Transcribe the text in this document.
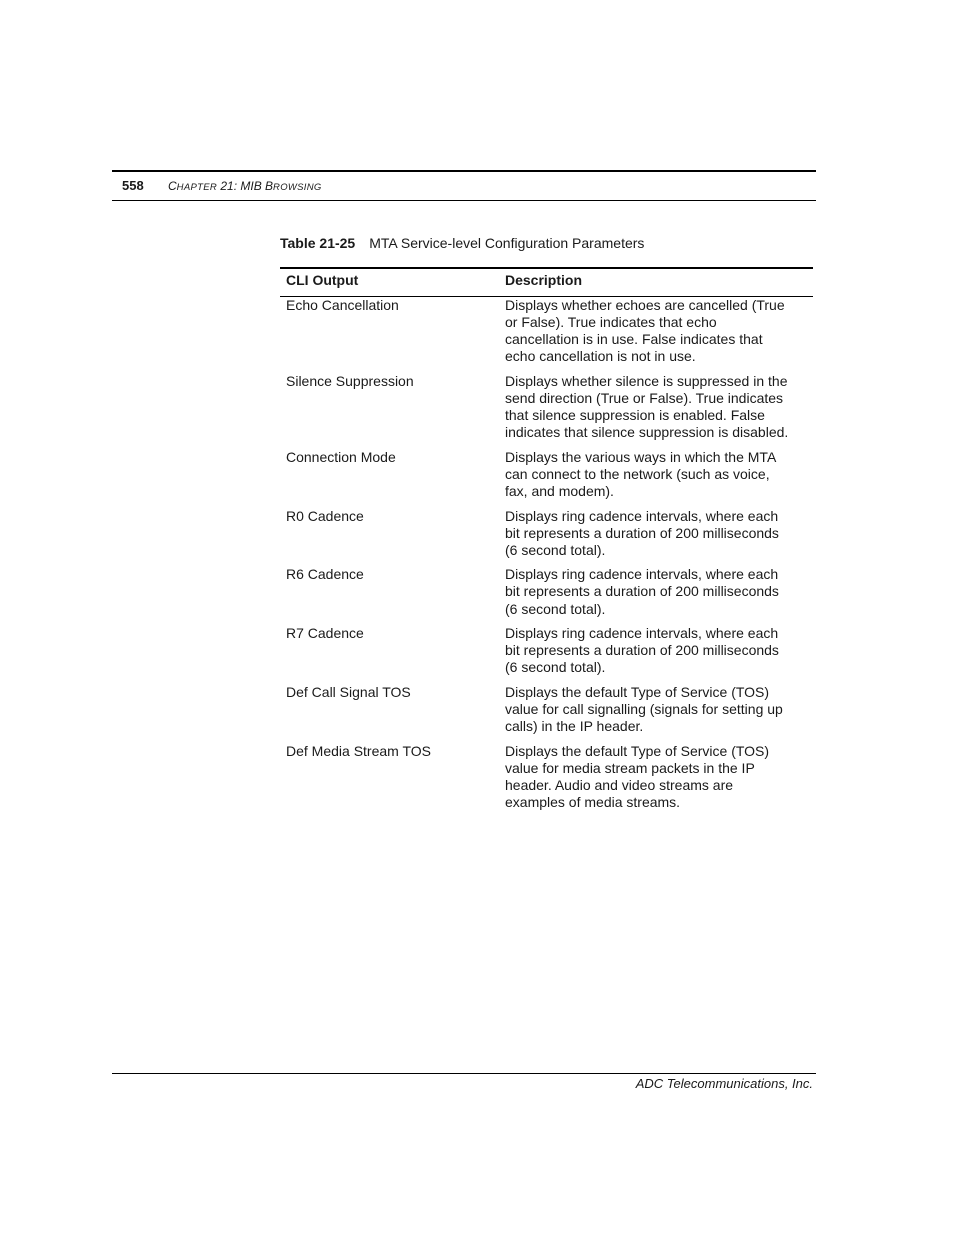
558 CHAPTER 21: MIB BROWSING
Table 21-25 MTA Service-level Configuration Parameters
CLI Output	Description
Echo Cancellation	Displays whether echoes are cancelled (True
or False). True indicates that echo
cancellation is in use. False indicates that
echo cancellation is not in use.
Silence Suppression	Displays whether silence is suppressed in the
send direction (True or False). True indicates
that silence suppression is enabled. False
indicates that silence suppression is disabled.
Connection Mode	Displays the various ways in which the MTA
can connect to the network (such as voice,
fax, and modem).
R0 Cadence	Displays ring cadence intervals, where each
bit represents a duration of 200 milliseconds
(6 second total).
R6 Cadence	Displays ring cadence intervals, where each
bit represents a duration of 200 milliseconds
(6 second total).
R7 Cadence	Displays ring cadence intervals, where each
bit represents a duration of 200 milliseconds
(6 second total).
Def Call Signal TOS	Displays the default Type of Service (TOS)
value for call signalling (signals for setting up
calls) in the IP header.
Def Media Stream TOS	Displays the default Type of Service (TOS)
value for media stream packets in the IP
header. Audio and video streams are
examples of media streams.
ADC Telecommunications, Inc.
